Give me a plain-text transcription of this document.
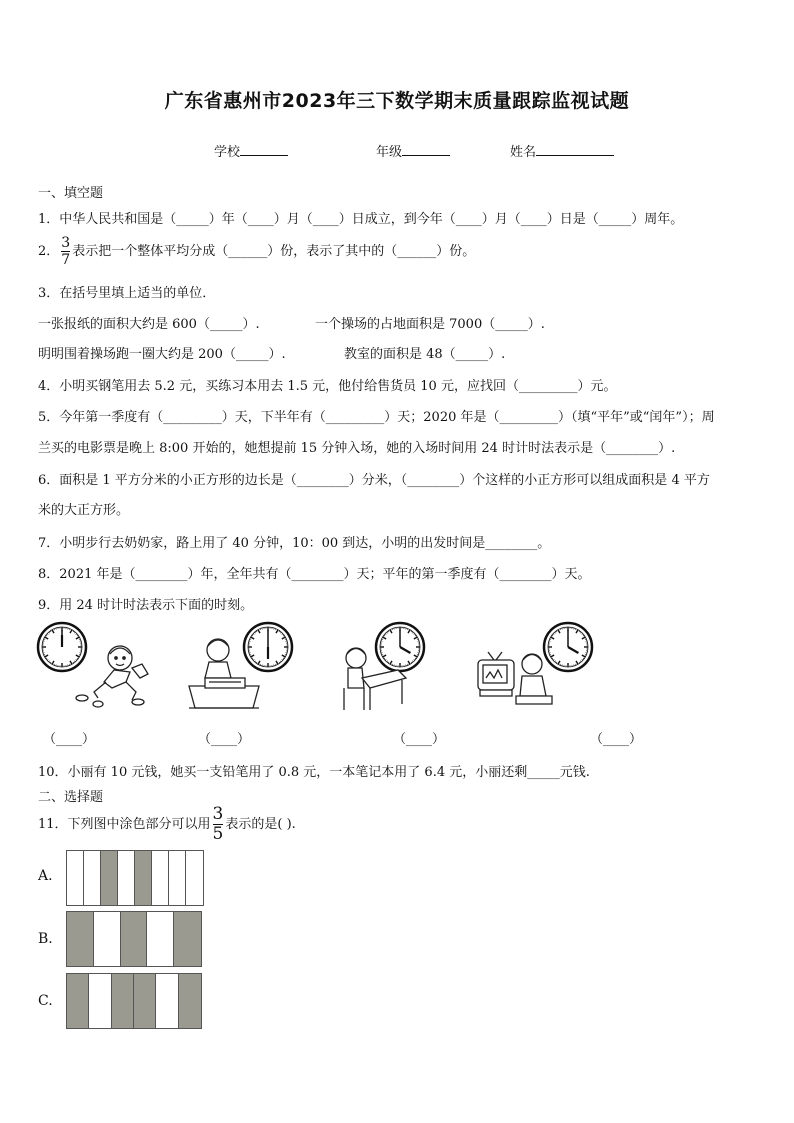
广东省惠州市2023年三下数学期末质量跟踪监视试题
学校	年级	姓名
一、填空题
1．中华人民共和国是（_____）年（____）月（____）日成立，到今年（____）月（____）日是（_____）周年。
2． $\frac{3}{7}$ 表示把一个整体平均分成（______）份，表示了其中的（______）份。
3．在括号里填上适当的单位．
一张报纸的面积大约是 600（_____）.	一个操场的占地面积是 7000（_____）.
明明围着操场跑一圈大约是 200（_____）.	教室的面积是 48（_____）.
4．小明买钢笔用去 5.2 元，买练习本用去 1.5 元，他付给售货员 10 元，应找回（_________）元。
5．今年第一季度有（_________）天，下半年有（_________）天；2020 年是（_________）（填“平年”或“闰年”）；周
兰买的电影票是晚上 8:00 开始的，她想提前 15 分钟入场，她的入场时间用 24 时计时法表示是（________）.
6．面积是 1 平方分米的小正方形的边长是（________）分米，（________）个这样的小正方形可以组成面积是 4 平方
米的大正方形。
7．小明步行去奶奶家，路上用了 40 分钟，10：00 到达，小明的出发时间是________。
8．2021 年是（________）年，全年共有（________）天；平年的第一季度有（________）天。
9．用 24 时计时法表示下面的时刻。
（____）	（____）	（____）	（____）
10．小丽有 10 元钱，她买一支铅笔用了 0.8 元，一本笔记本用了 6.4 元，小丽还剩_____元钱.
二、选择题
11．下列图中涂色部分可以用 $\frac{3}{5}$ 表示的是( ).
A.
B.
C.
